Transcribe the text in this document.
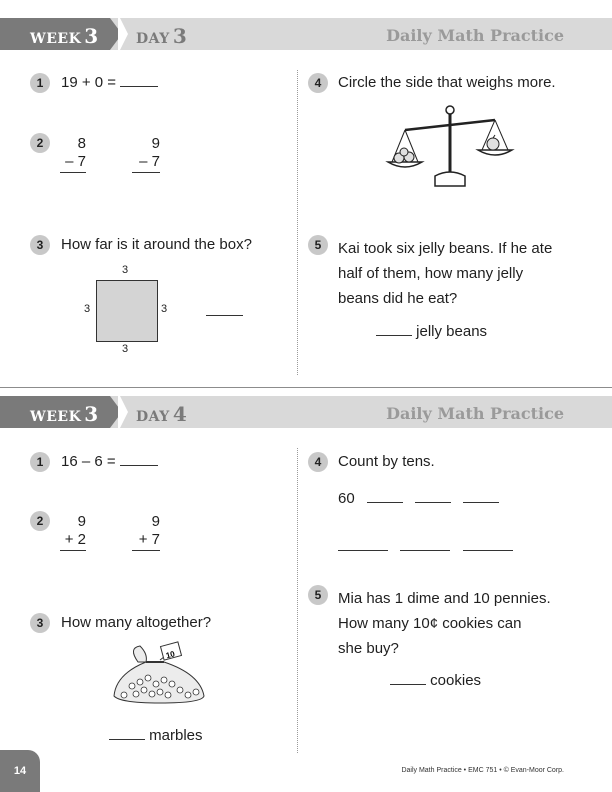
WEEK 3	DAY 3	Daily Math Practice
1	19 + 0 =
2	8
– 7
9
– 7
3	How far is it around the box?
3
3	3
3
4	Circle the side that weighs more.
5	Kai took six jelly beans. If he ate
half of them, how many jelly
beans did he eat?
jelly beans
WEEK 3	DAY 4	Daily Math Practice
1	16 – 6 =
2	9
+ 2
9
+ 7
3	How many altogether?
10
marbles
4	Count by tens.
60

5	Mia has 1 dime and 10 pennies.
How many 10¢ cookies can
she buy?
cookies
14	Daily Math Practice • EMC 751 • © Evan-Moor Corp.
